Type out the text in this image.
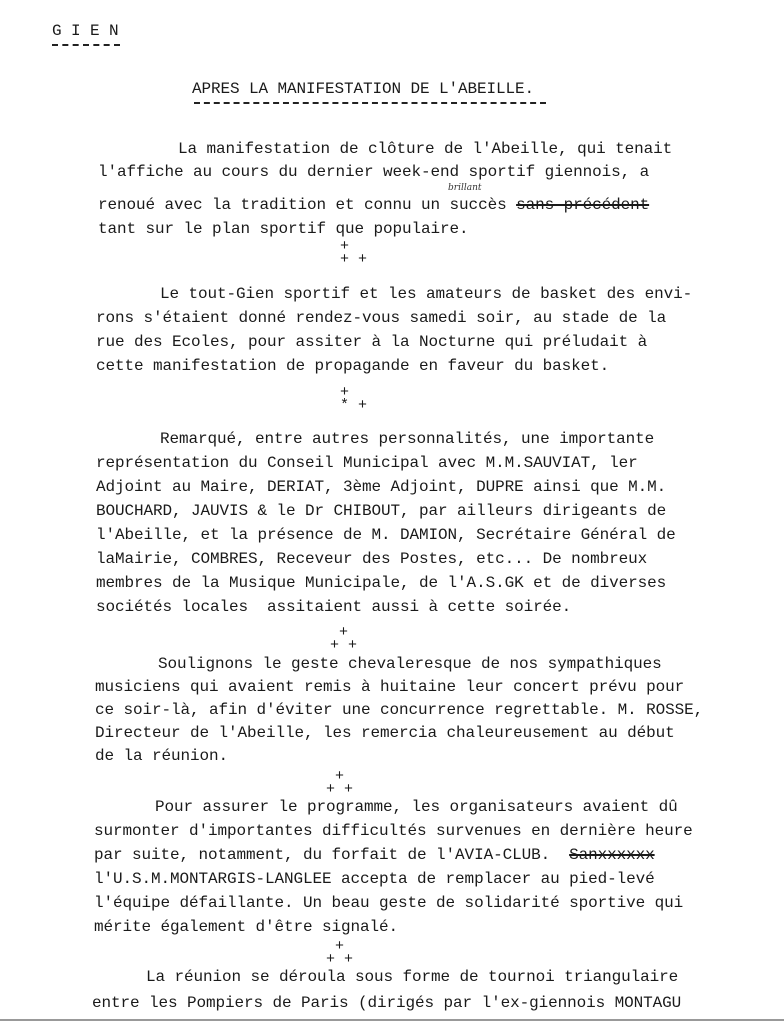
G I E N
APRES LA MANIFESTATION DE L'ABEILLE.
brillant
+
+ +
+
* +
+
+ +
+
+ +
+
+ +
La manifestation de clôture de l'Abeille, qui tenait
l'affiche au cours du dernier week-end sportif giennois, a
renoué avec la tradition et connu un succès sans précédent
tant sur le plan sportif que populaire.
Le tout-Gien sportif et les amateurs de basket des envi-
rons s'étaient donné rendez-vous samedi soir, au stade de la
rue des Ecoles, pour assiter à la Nocturne qui préludait à
cette manifestation de propagande en faveur du basket.
Remarqué, entre autres personnalités, une importante
représentation du Conseil Municipal avec M.M.SAUVIAT, ler
Adjoint au Maire, DERIAT, 3ème Adjoint, DUPRE ainsi que M.M.
BOUCHARD, JAUVIS & le Dr CHIBOUT, par ailleurs dirigeants de
l'Abeille, et la présence de M. DAMION, Secrétaire Général de
laMairie, COMBRES, Receveur des Postes, etc... De nombreux
membres de la Musique Municipale, de l'A.S.GK et de diverses
sociétés locales  assitaient aussi à cette soirée.
Soulignons le geste chevaleresque de nos sympathiques
musiciens qui avaient remis à huitaine leur concert prévu pour
ce soir-là, afin d'éviter une concurrence regrettable. M. ROSSE,
Directeur de l'Abeille, les remercia chaleureusement au début
de la réunion.
Pour assurer le programme, les organisateurs avaient dû
surmonter d'importantes difficultés survenues en dernière heure
par suite, notamment, du forfait de l'AVIA-CLUB.  Sanxxxxxx
l'U.S.M.MONTARGIS-LANGLEE accepta de remplacer au pied-levé
l'équipe défaillante. Un beau geste de solidarité sportive qui
mérite également d'être signalé.
La réunion se déroula sous forme de tournoi triangulaire
entre les Pompiers de Paris (dirigés par l'ex-giennois MONTAGU
